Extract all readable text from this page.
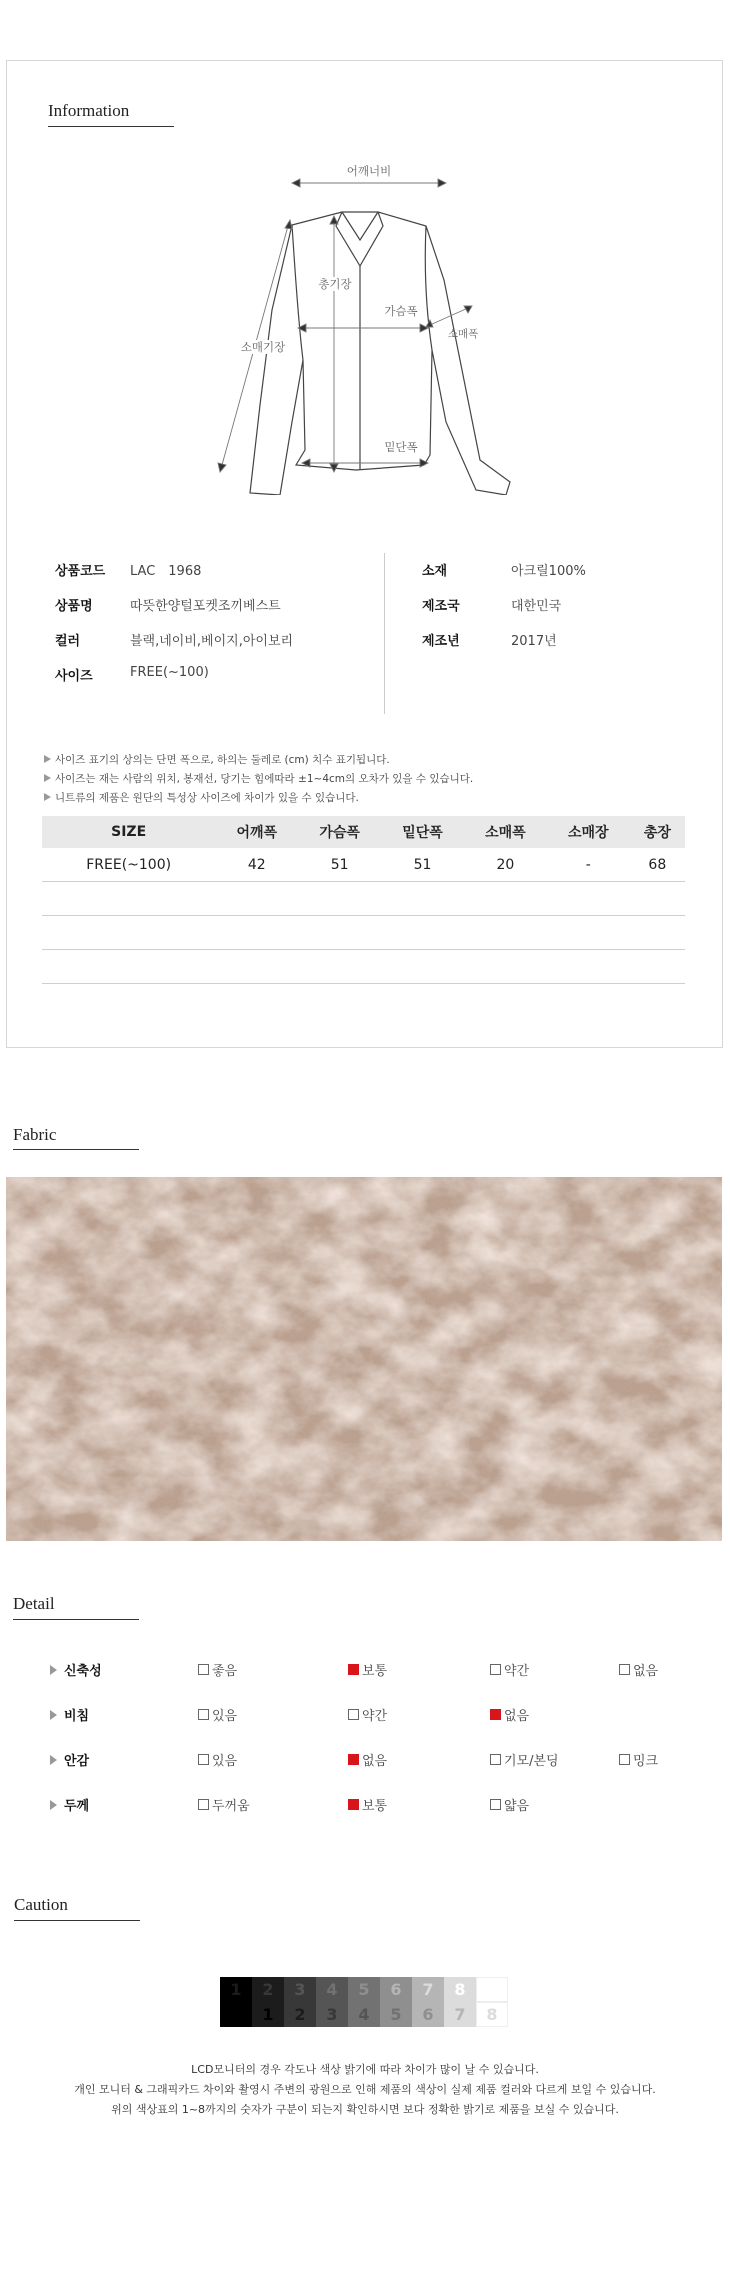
Information
어깨너비
총기장
가슴폭
소매기장
소매폭
밑단폭
상품코드 LAC　1968
상품명	따뜻한양털포켓조끼베스트
컬러	블랙,네이비,베이지,아이보리
사이즈	FREE(~100)
소재	아크릴100%
제조국	대한민국
제조년	2017년
사이즈 표기의 상의는 단면 폭으로, 하의는 둘레로 (cm) 치수 표기됩니다.
사이즈는 재는 사람의 위치, 봉재선, 당기는 힘에따라 ±1~4cm의 오차가 있을 수 있습니다.
니트류의 제품은 원단의 특성상 사이즈에 차이가 있을 수 있습니다.
SIZE	어깨폭	가슴폭	밑단폭	소매폭	소매장	총장
FREE(~100)	42	51	51	20	-	68

Fabric
Detail
신축성	좋음	보통	약간	없음
비침	있음	약간	없음
안감	있음	없음	기모/본딩	밍크
두께	두꺼움	보통	얇음
Caution
1	2	3	4	5	6	7	8
1	2	3	4	5	6	7	8
LCD모니터의 경우 각도나 색상 밝기에 따라 차이가 많이 날 수 있습니다.
개인 모니터 & 그래픽카드 차이와 촬영시 주변의 광원으로 인해 제품의 색상이 실제 제품 컬러와 다르게 보일 수 있습니다.
위의 색상표의 1~8까지의 숫자가 구분이 되는지 확인하시면 보다 정확한 밝기로 제품을 보실 수 있습니다.
